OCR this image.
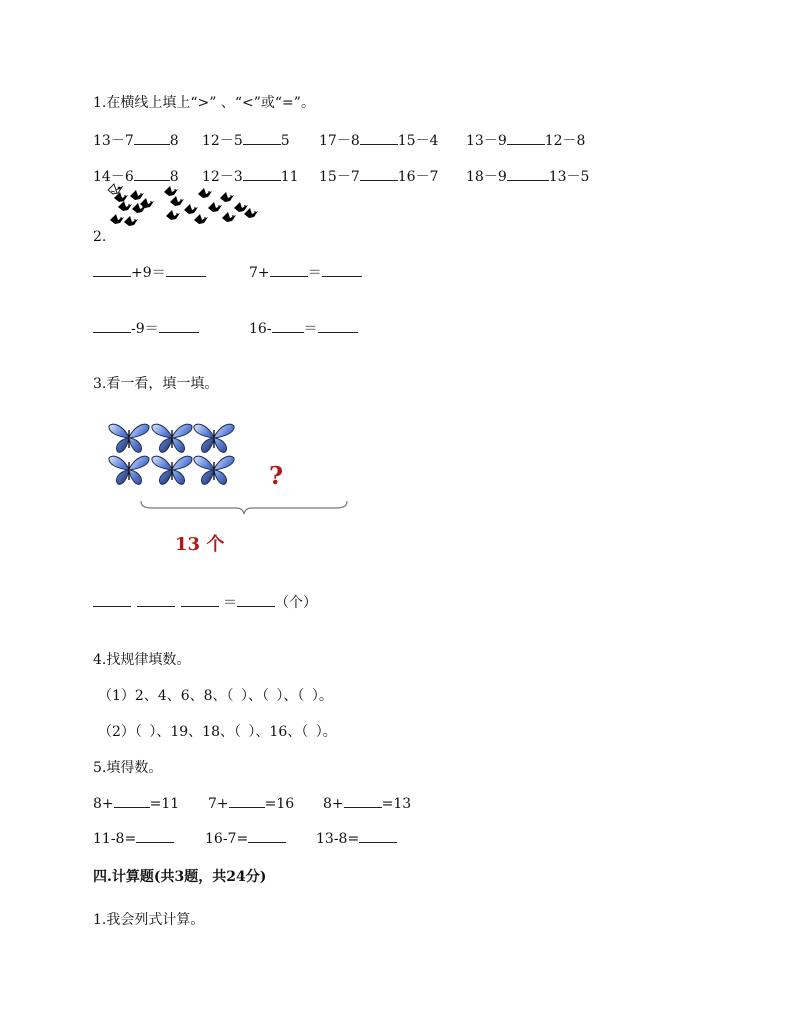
1.在横线上填上“>” 、“<”或“=”。
13－7	8 12－5	5 17－8	15－4 13－9	12－8
14－6	8 12－3	11 15－7	16－7 18－9	13－5
2.
+9＝	7+	＝
-9＝	16- ＝
3.看一看，填一填。
?
13 个
＝	（个）
4.找规律填数。
（1）2、4、6、8、（ ）、（ ）、（ ）。
（2）（ ）、19、18、（ ）、16、（ ）。
5.填得数。
8+	=11 7+	=16 8+	=13
11-8=	16-7=	13-8=
四.计算题(共3题，共24分)
1.我会列式计算。
